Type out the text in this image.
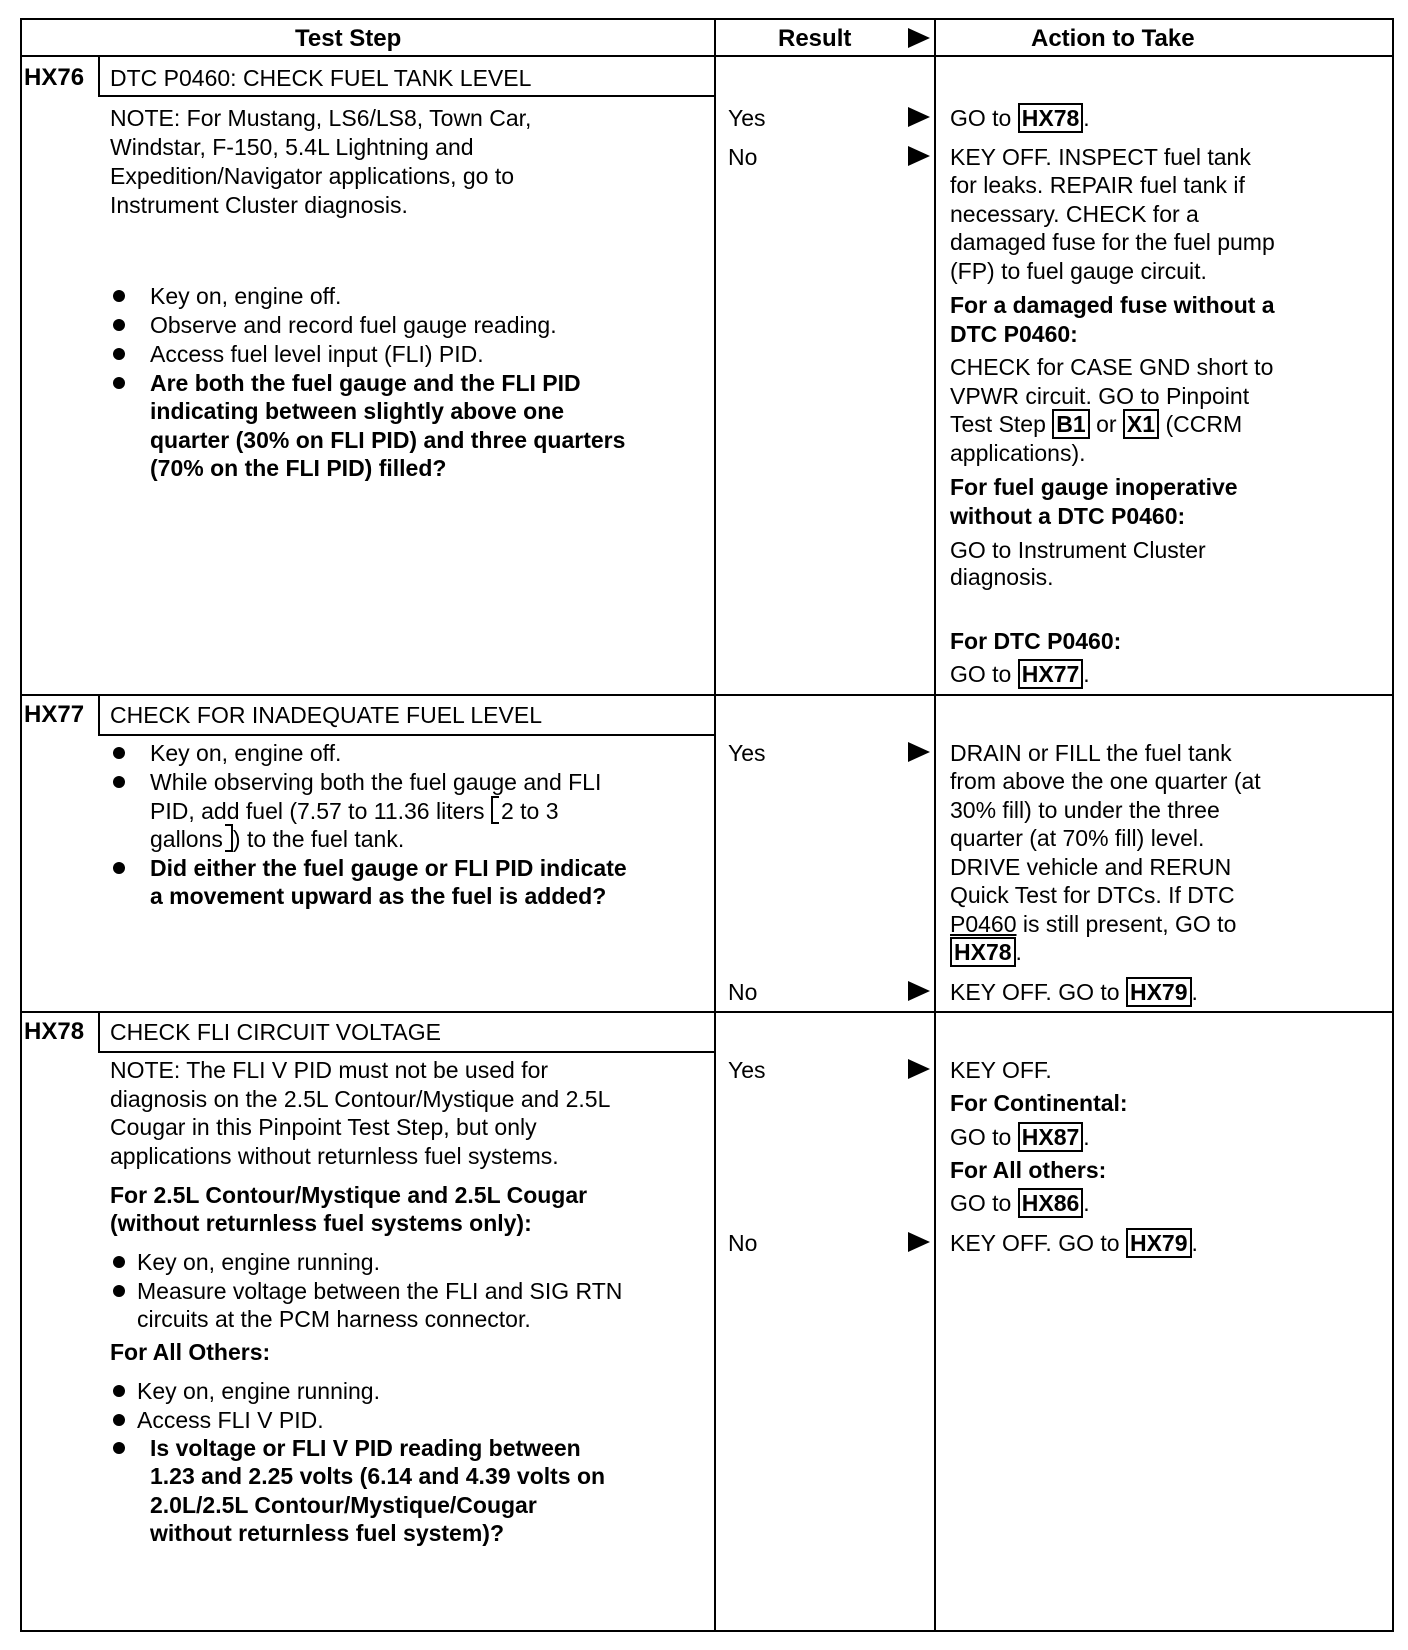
Test Step	Result	Action to Take
HX76 DTC P0460: CHECK FUEL TANK LEVEL
NOTE: For Mustang, LS6/LS8, Town Car,
Windstar, F-150, 5.4L Lightning and
Expedition/Navigator applications, go to
Instrument Cluster diagnosis.
Key on, engine off.
Observe and record fuel gauge reading.
Access fuel level input (FLI) PID.
Are both the fuel gauge and the FLI PID
indicating between slightly above one
quarter (30% on FLI PID) and three quarters
(70% on the FLI PID) filled?
Yes
No
GO to HX78 .
KEY OFF. INSPECT fuel tank
for leaks. REPAIR fuel tank if
necessary. CHECK for a
damaged fuse for the fuel pump
(FP) to fuel gauge circuit.
For a damaged fuse without a
DTC P0460:
CHECK for CASE GND short to
VPWR circuit. GO to Pinpoint
Test Step B1 or X1 (CCRM
applications).
For fuel gauge inoperative
without a DTC P0460:
GO to Instrument Cluster
diagnosis.
For DTC P0460:
GO to HX77 .
HX77 CHECK FOR INADEQUATE FUEL LEVEL
Key on, engine off.
While observing both the fuel gauge and FLI
PID, add fuel (7.57 to 11.36 liters 2 to 3
gallons ) to the fuel tank.
Did either the fuel gauge or FLI PID indicate
a movement upward as the fuel is added?
Yes
No
DRAIN or FILL the fuel tank
from above the one quarter (at
30% fill) to under the three
quarter (at 70% fill) level.
DRIVE vehicle and RERUN
Quick Test for DTCs. If DTC
P0460 is still present, GO to
HX78 .
KEY OFF. GO to HX79 .
HX78 CHECK FLI CIRCUIT VOLTAGE
NOTE: The FLI V PID must not be used for
diagnosis on the 2.5L Contour/Mystique and 2.5L
Cougar in this Pinpoint Test Step, but only
applications without returnless fuel systems.
For 2.5L Contour/Mystique and 2.5L Cougar
(without returnless fuel systems only):
Key on, engine running.
Measure voltage between the FLI and SIG RTN
circuits at the PCM harness connector.
For All Others:
Key on, engine running.
Access FLI V PID.
Is voltage or FLI V PID reading between
1.23 and 2.25 volts (6.14 and 4.39 volts on
2.0L/2.5L Contour/Mystique/Cougar
without returnless fuel system)?
Yes
No
KEY OFF.
For Continental:
GO to HX87 .
For All others:
GO to HX86 .
KEY OFF. GO to HX79 .
